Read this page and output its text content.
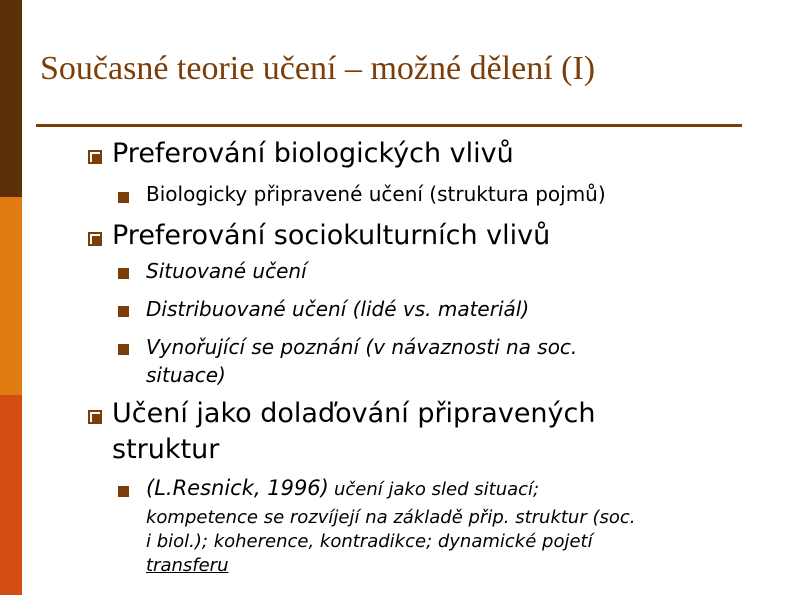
Současné teorie učení – možné dělení (I)
Preferování biologických vlivů
Biologicky připravené učení (struktura pojmů)
Preferování sociokulturních vlivů
Situované učení
Distribuované učení (lidé vs. materiál)
Vynořující se poznání (v návaznosti na soc.
situace)
Učení jako dolaďování připravených
struktur
(L.Resnick, 1996) učení jako sled situací;
kompetence se rozvíjejí na základě přip. struktur (soc.
i biol.); koherence, kontradikce; dynamické pojetí
transferu
